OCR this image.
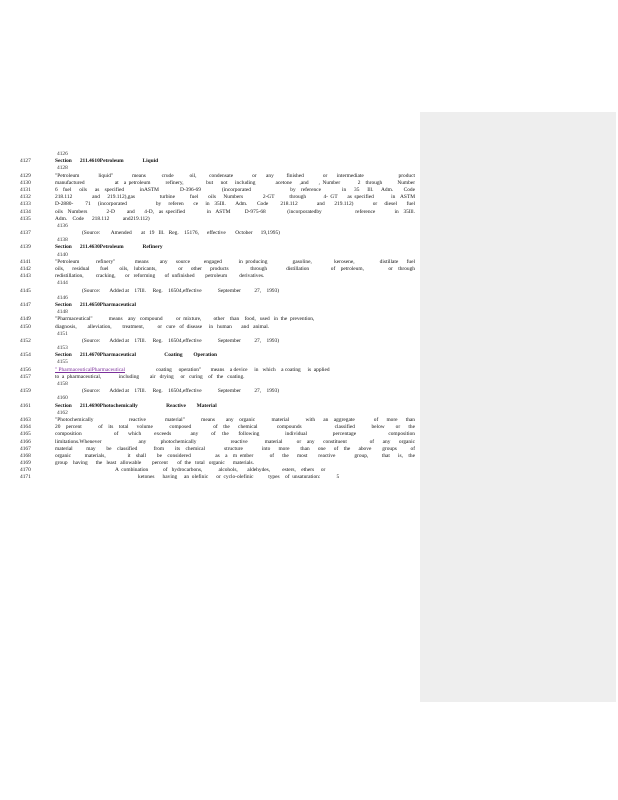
4126
4127	Section      211.4610Petroleum              Liquid
4128
4129	"Petroleum      liquid"      means     crude     oil,    condensate      or   any    finished      or   intermediate           product
4130	manufactured            at  a petroleum      refinery,         but   not   including        acetone   ,and    , Number       2  through      Number
4131	6  fuel   oils   as  specified      inASTM        D-396-69        (incorporated               by  reference        in   35   Ill.   Adm.    Code
4132	218.112        and   219.112),gas          turbine      fuel    oils   Numbers        2-GT      through       4- GT    as specified       in  ASTM
4133	D-2880-     71   (incorporated            by   referen    ce   in  35Ill.    Adm.    Code     218.112        and    219.112)        or   diesel    fuel
4134	oils  Numbers        2-D     and    4-D,  as specified         in  ASTM      D-975-68         (incorporatedby              reference        in  35Ill.
4135	Adm.    Code      218.112          and219.112)
4136
4137	(Source:        Amended       at   19   Ill.   Reg.    15176,      effective       October      19,1995)
4138
4139	Section      211.4630Petroleum              Refinery
4140
4141	"Petroleum      refinery"       means    any   source     engaged      in producing         gasoline,        kerosene,         distillate   fuel
4142	oils,   residual    fuel    oils,  lubricants,        or   other   products        through       distillation        of  petroleum,         or  through
4143	redistillation,         cracking,       or   reforming       of  unfinished        petroleum         derivatives.
4144
4145	(Source:       Added at    17Ill.     Reg.    16504,effective            September          27,    1993)
4146
4147	Section      211.4650Pharmaceutical
4148
4149	"Pharmaceutical"            means    any   compound          or  mixture,         other    than    food,   used   in  the  prevention,
4150	diagnosis,        alleviation,        treatment,          or   cure   of  disease     in   human       and   animal.
4151
4152	(Source:       Added at    17Ill.     Reg.    16504,effective            September          27,    1993)
4153
4154	Section      211.4670Pharmaceutical                     Coating        Operation
4155
4156	" PharmaceuticalPharmaceutical                       coating     operation"       means    a device     in   which    a coating     is  applied
4157	to  a  pharmaceutical,             including        air   drying     or   curing    of   the   coating.
4158
4159	(Source:       Added at    17Ill.     Reg.    16504,effective            September          27,    1993)
4160
4161	Section      211.4690Photochemically                     Reactive        Material
4162
4163	"Photochemically             reactive       material"      means    any  organic      material      with   an  aggregate       of   more   than
4164	20  percent      of  its  total   volume      composed        of  the   chemical       compounds            classified      below    or   the
4165	composition          of   which    exceeds      any    of  the   following        individual        percentage          composition
4166	limitations.Whenever             any     photochemically            reactive      material     or  any   constituent        of   any   organic
4167	material     may    be  classified      from    its  chemical       structure       into   more    than   one   of  the   above    groups     of
4168	organic     materials,        it  shall    be  considered         as  a  m ember      of   the   most    reactive       group,     that   is,  the
4169	group    having      the   least   allowable        percent       of  the   total   organic      materials.
4170	A  combination           of   hydrocarbons,            alcohols,       aldehydes,         esters,    ethers     or
4171	ketones      having     an  olefinic      or  cyclo-olefinic           types    of  unsaturation:            5
